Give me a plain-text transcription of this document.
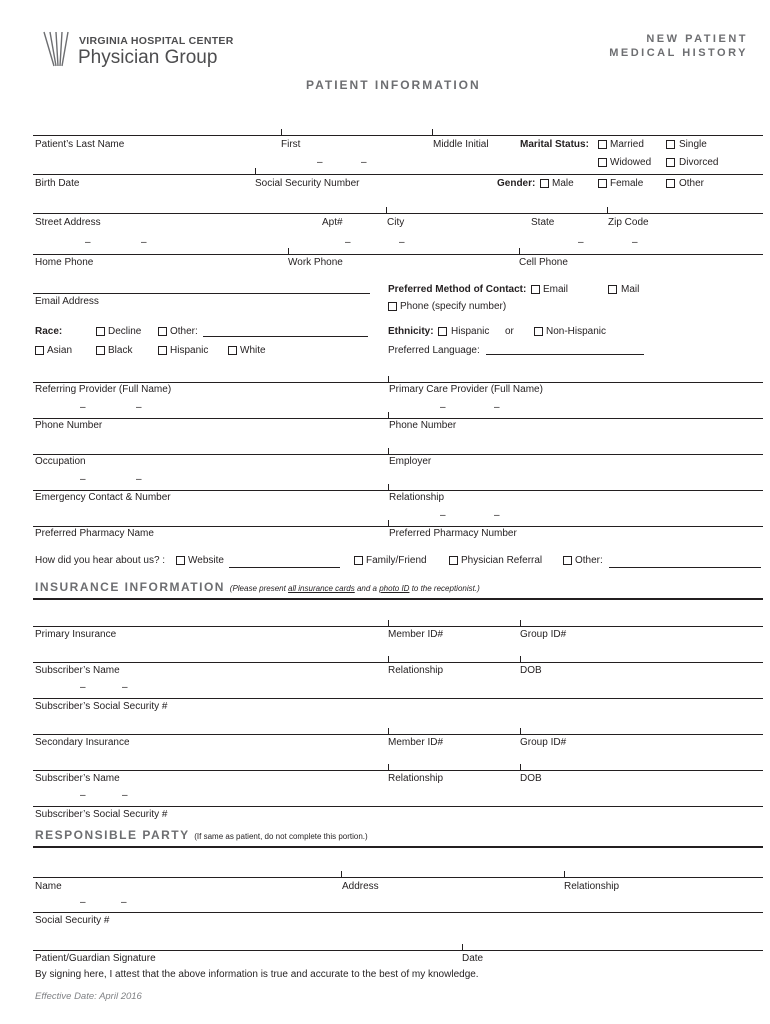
VIRGINIA HOSPITAL CENTER
Physician Group
NEW PATIENT
MEDICAL HISTORY
PATIENT INFORMATION
Patient’s Last Name	First	Middle Initial	Marital Status: Married	Single
Widowed	Divorced
–	–
Birth Date	Social Security Number	Gender: Male	Female	Other
Street Address	Apt#	City	State	Zip Code
–	–	–	–	–	–
Home Phone	Work Phone	Cell Phone
Email Address
Preferred Method of Contact: Email	Mail
Phone (specify number)
Race:	Decline	Other:
Asian	Black	Hispanic	White
Ethnicity: Hispanic or	Non-Hispanic
Preferred Language:
Referring Provider (Full Name)	Primary Care Provider (Full Name)
–	–	–	–
Phone Number	Phone Number
Occupation	Employer
–	–
Emergency Contact & Number	Relationship
–	–
Preferred Pharmacy Name	Preferred Pharmacy Number
How did you hear about us? : Website	Family/Friend	Physician Referral	Other:
INSURANCE INFORMATION (Please present all insurance cards and a photo ID to the receptionist.)
Primary Insurance	Member ID#	Group ID#
Subscriber’s Name	Relationship	DOB
–	–
Subscriber’s Social Security #
Secondary Insurance	Member ID#	Group ID#
Subscriber’s Name	Relationship	DOB
–	–
Subscriber’s Social Security #
RESPONSIBLE PARTY (If same as patient, do not complete this portion.)
Name	Address	Relationship
–	–
Social Security #
Patient/Guardian Signature	Date
By signing here, I attest that the above information is true and accurate to the best of my knowledge.
Effective Date: April 2016
